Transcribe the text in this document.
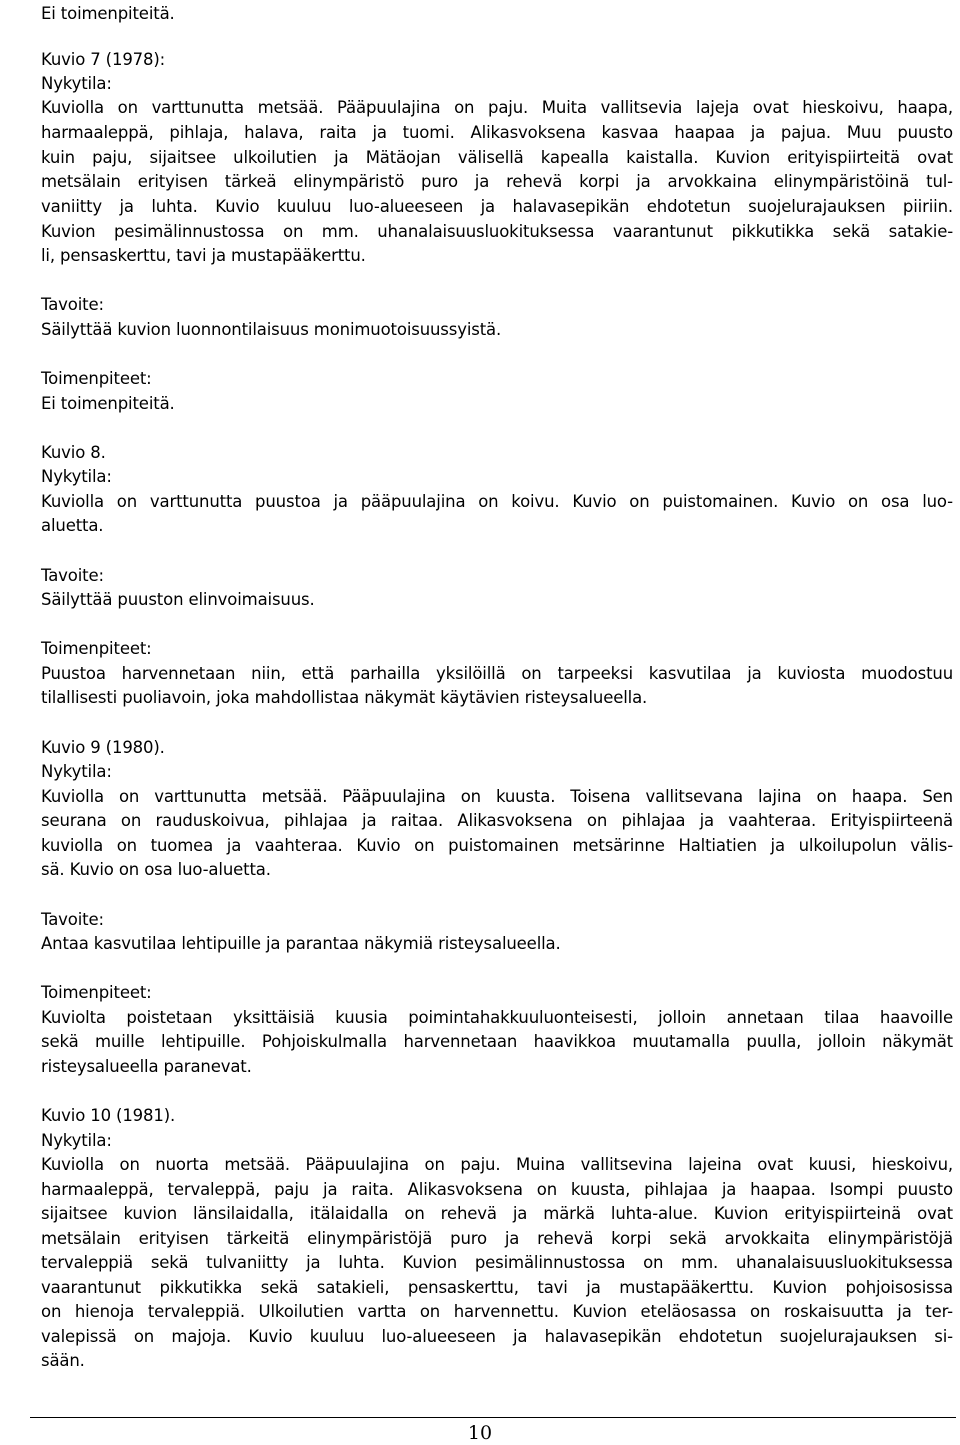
Ei toimenpiteitä.
Kuvio 7 (1978):
Nykytila:
Kuviolla on varttunutta metsää. Pääpuulajina on paju. Muita vallitsevia lajeja ovat hieskoivu, haapa,
harmaaleppä, pihlaja, halava, raita ja tuomi. Alikasvoksena kasvaa haapaa ja pajua. Muu puusto
kuin paju, sijaitsee ulkoilutien ja Mätäojan välisellä kapealla kaistalla. Kuvion erityispiirteitä ovat
metsälain erityisen tärkeä elinympäristö puro ja rehevä korpi ja arvokkaina elinympäristöinä tul-
vaniitty ja luhta. Kuvio kuuluu luo-alueeseen ja halavasepikän ehdotetun suojelurajauksen piiriin.
Kuvion pesimälinnustossa on mm. uhanalaisuusluokituksessa vaarantunut pikkutikka sekä satakie-
li, pensaskerttu, tavi ja mustapääkerttu.
Tavoite:
Säilyttää kuvion luonnontilaisuus monimuotoisuussyistä.
Toimenpiteet:
Ei toimenpiteitä.
Kuvio 8.
Nykytila:
Kuviolla on varttunutta puustoa ja pääpuulajina on koivu. Kuvio on puistomainen. Kuvio on osa luo-
aluetta.
Tavoite:
Säilyttää puuston elinvoimaisuus.
Toimenpiteet:
Puustoa harvennetaan niin, että parhailla yksilöillä on tarpeeksi kasvutilaa ja kuviosta muodostuu
tilallisesti puoliavoin, joka mahdollistaa näkymät käytävien risteysalueella.
Kuvio 9 (1980).
Nykytila:
Kuviolla on varttunutta metsää. Pääpuulajina on kuusta. Toisena vallitsevana lajina on haapa. Sen
seurana on rauduskoivua, pihlajaa ja raitaa. Alikasvoksena on pihlajaa ja vaahteraa. Erityispiirteenä
kuviolla on tuomea ja vaahteraa. Kuvio on puistomainen metsärinne Haltiatien ja ulkoilupolun välis-
sä. Kuvio on osa luo-aluetta.
Tavoite:
Antaa kasvutilaa lehtipuille ja parantaa näkymiä risteysalueella.
Toimenpiteet:
Kuviolta poistetaan yksittäisiä kuusia poimintahakkuuluonteisesti, jolloin annetaan tilaa haavoille
sekä muille lehtipuille. Pohjoiskulmalla harvennetaan haavikkoa muutamalla puulla, jolloin näkymät
risteysalueella paranevat.
Kuvio 10 (1981).
Nykytila:
Kuviolla on nuorta metsää. Pääpuulajina on paju. Muina vallitsevina lajeina ovat kuusi, hieskoivu,
harmaaleppä, tervaleppä, paju ja raita. Alikasvoksena on kuusta, pihlajaa ja haapaa. Isompi puusto
sijaitsee kuvion länsilaidalla, itälaidalla on rehevä ja märkä luhta-alue. Kuvion erityispiirteinä ovat
metsälain erityisen tärkeitä elinympäristöjä puro ja rehevä korpi sekä arvokkaita elinympäristöjä
tervaleppiä sekä tulvaniitty ja luhta. Kuvion pesimälinnustossa on mm. uhanalaisuusluokituksessa
vaarantunut pikkutikka sekä satakieli, pensaskerttu, tavi ja mustapääkerttu. Kuvion pohjoisosissa
on hienoja tervaleppiä. Ulkoilutien vartta on harvennettu. Kuvion eteläosassa on roskaisuutta ja ter-
valepissä on majoja. Kuvio kuuluu luo-alueeseen ja halavasepikän ehdotetun suojelurajauksen si-
sään.
10
